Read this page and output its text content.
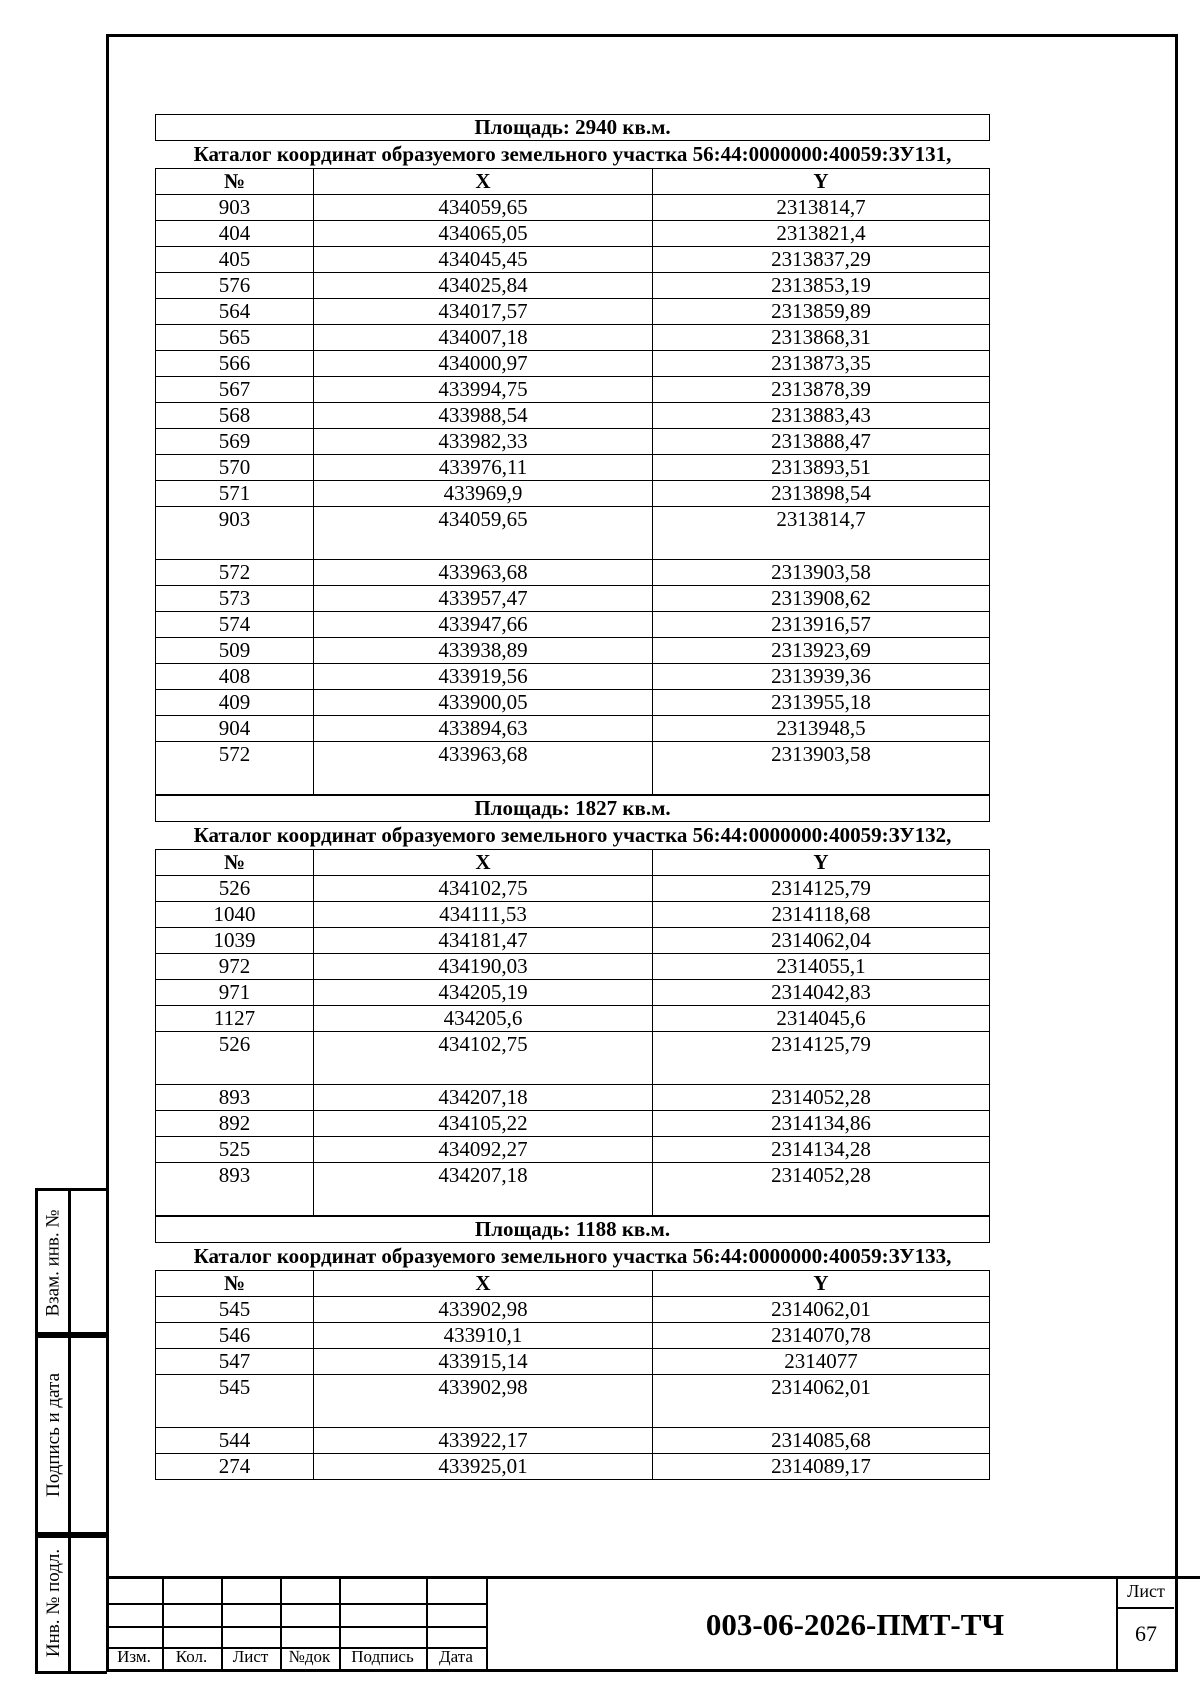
Взам. инв. №
Подпись и дата
Инв. № подл.
Площадь: 2940 кв.м.
Каталог координат образуемого земельного участка 56:44:0000000:40059:ЗУ131,
№	X	Y
903	434059,65	2313814,7
404	434065,05	2313821,4
405	434045,45	2313837,29
576	434025,84	2313853,19
564	434017,57	2313859,89
565	434007,18	2313868,31
566	434000,97	2313873,35
567	433994,75	2313878,39
568	433988,54	2313883,43
569	433982,33	2313888,47
570	433976,11	2313893,51
571	433969,9	2313898,54
903	434059,65	2313814,7
572	433963,68	2313903,58
573	433957,47	2313908,62
574	433947,66	2313916,57
509	433938,89	2313923,69
408	433919,56	2313939,36
409	433900,05	2313955,18
904	433894,63	2313948,5
572	433963,68	2313903,58
Площадь: 1827 кв.м.
Каталог координат образуемого земельного участка 56:44:0000000:40059:ЗУ132,
№	X	Y
526	434102,75	2314125,79
1040	434111,53	2314118,68
1039	434181,47	2314062,04
972	434190,03	2314055,1
971	434205,19	2314042,83
1127	434205,6	2314045,6
526	434102,75	2314125,79
893	434207,18	2314052,28
892	434105,22	2314134,86
525	434092,27	2314134,28
893	434207,18	2314052,28
Площадь: 1188 кв.м.
Каталог координат образуемого земельного участка 56:44:0000000:40059:ЗУ133,
№	X	Y
545	433902,98	2314062,01
546	433910,1	2314070,78
547	433915,14	2314077
545	433902,98	2314062,01
544	433922,17	2314085,68
274	433925,01	2314089,17
Изм.	Кол.	Лист	№док	Подпись	Дата
003-06-2026-ПМТ-ТЧ
Лист
67
